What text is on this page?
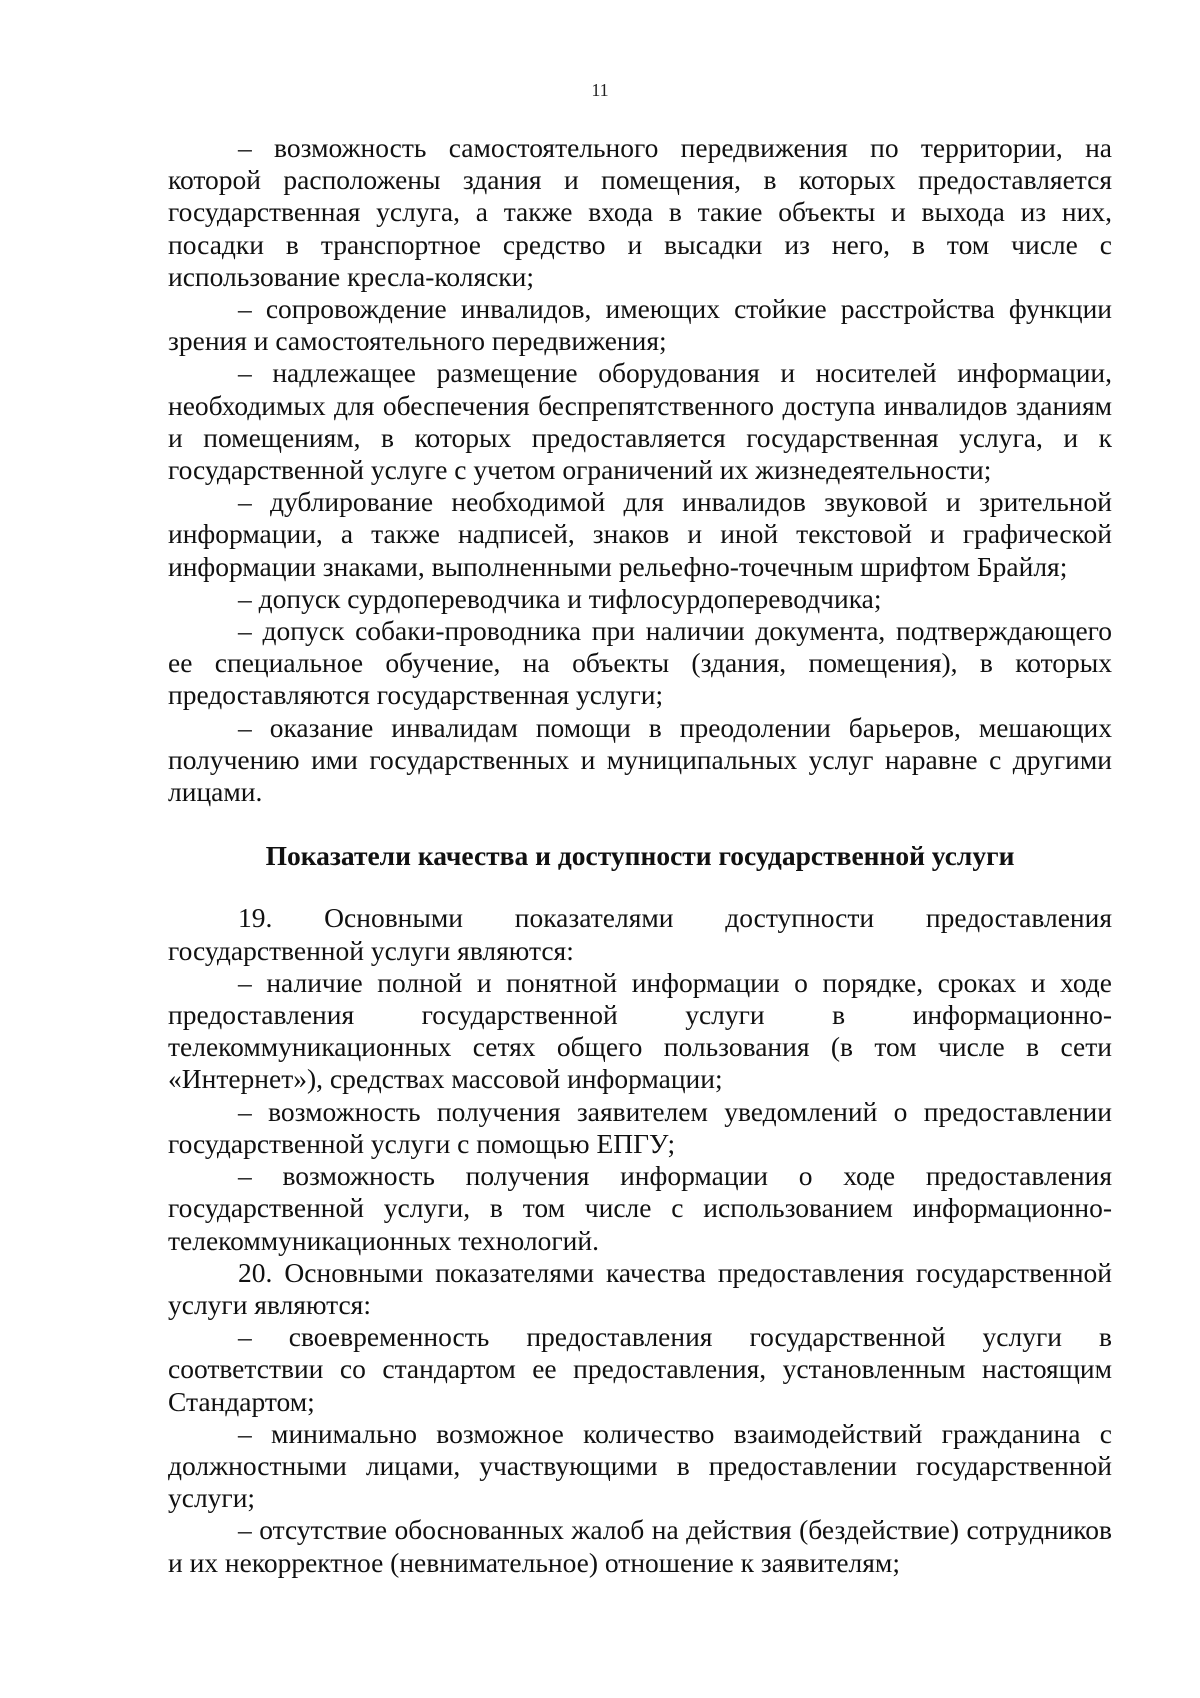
11

– возможность самостоятельного передвижения по территории, на которой расположены здания и помещения, в которых предоставляется государственная услуга, а также входа в такие объекты и выхода из них, посадки в транспортное средство и высадки из него, в том числе с использование кресла-коляски;

– сопровождение инвалидов, имеющих стойкие расстройства функции зрения и самостоятельного передвижения;

– надлежащее размещение оборудования и носителей информации, необходимых для обеспечения беспрепятственного доступа инвалидов зданиям и помещениям, в которых предоставляется государственная услуга, и к государственной услуге с учетом ограничений их жизнедеятельности;

– дублирование необходимой для инвалидов звуковой и зрительной информации, а также надписей, знаков и иной текстовой и графической информации знаками, выполненными рельефно-точечным шрифтом Брайля;

– допуск сурдопереводчика и тифлосурдопереводчика;

– допуск собаки-проводника при наличии документа, подтверждающего ее специальное обучение, на объекты (здания, помещения), в которых предоставляются государственная услуги;

– оказание инвалидам помощи в преодолении барьеров, мешающих получению ими государственных и муниципальных услуг наравне с другими лицами.

Показатели качества и доступности государственной услуги

19. Основными показателями доступности предоставления государственной услуги являются:

– наличие полной и понятной информации о порядке, сроках и ходе предоставления государственной услуги в информационно-телекоммуникационных сетях общего пользования (в том числе в сети «Интернет»), средствах массовой информации;

– возможность получения заявителем уведомлений о предоставлении государственной услуги с помощью ЕПГУ;

– возможность получения информации о ходе предоставления государственной услуги, в том числе с использованием информационно-телекоммуникационных технологий.

20. Основными показателями качества предоставления государственной услуги являются:

– своевременность предоставления государственной услуги в соответствии со стандартом ее предоставления, установленным настоящим Стандартом;

– минимально возможное количество взаимодействий гражданина с должностными лицами, участвующими в предоставлении государственной услуги;

– отсутствие обоснованных жалоб на действия (бездействие) сотрудников и их некорректное (невнимательное) отношение к заявителям;
